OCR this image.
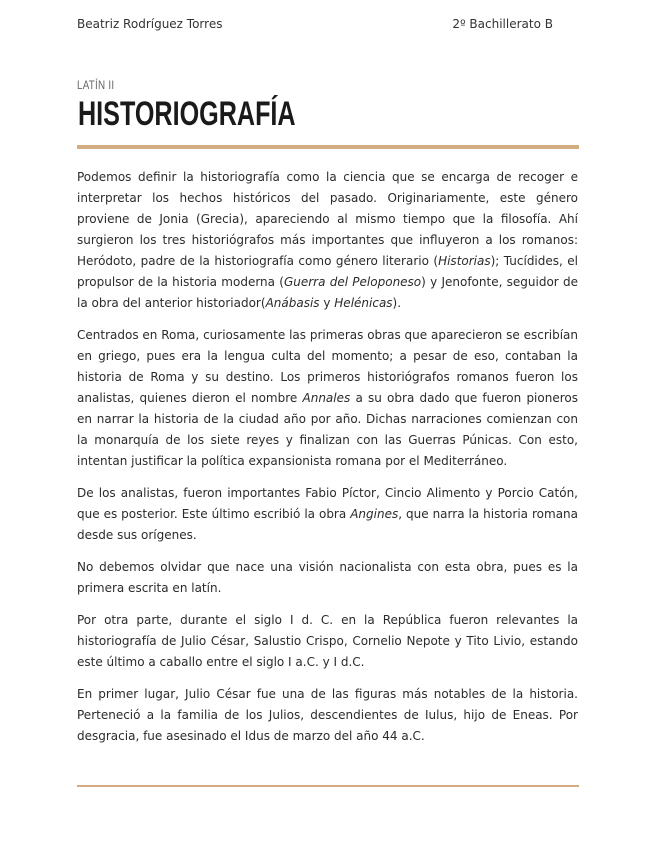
Beatriz Rodríguez Torres	2º Bachillerato B
LATÍN II
HISTORIOGRAFÍA

Podemos definir la historiografía como la ciencia que se encarga de recoger e interpretar los hechos históricos del pasado. Originariamente, este género proviene de Jonia (Grecia), apareciendo al mismo tiempo que la filosofía. Ahí surgieron los tres historiógrafos más importantes que influyeron a los romanos: Heródoto, padre de la historiografía como género literario (Historias); Tucídides, el propulsor de la historia moderna (Guerra del Peloponeso) y Jenofonte, seguidor de la obra del anterior historiador(Anábasis y Helénicas).

Centrados en Roma, curiosamente las primeras obras que aparecieron se escribían en griego, pues era la lengua culta del momento; a pesar de eso, contaban la historia de Roma y su destino. Los primeros historiógrafos romanos fueron los analistas, quienes dieron el nombre Annales a su obra dado que fueron pioneros en narrar la historia de la ciudad año por año. Dichas narraciones comienzan con la monarquía de los siete reyes y finalizan con las Guerras Púnicas. Con esto, intentan justificar la política expansionista romana por el Mediterráneo.

De los analistas, fueron importantes Fabio Píctor, Cincio Alimento y Porcio Catón, que es posterior. Este último escribió la obra Angines, que narra la historia romana desde sus orígenes.

No debemos olvidar que nace una visión nacionalista con esta obra, pues es la primera escrita en latín.

Por otra parte, durante el siglo I d. C. en la República fueron relevantes la historiografía de Julio César, Salustio Crispo, Cornelio Nepote y Tito Livio, estando este último a caballo entre el siglo I a.C. y I d.C.

En primer lugar, Julio César fue una de las figuras más notables de la historia. Perteneció a la familia de los Julios, descendientes de Iulus, hijo de Eneas. Por desgracia, fue asesinado el Idus de marzo del año 44 a.C.
